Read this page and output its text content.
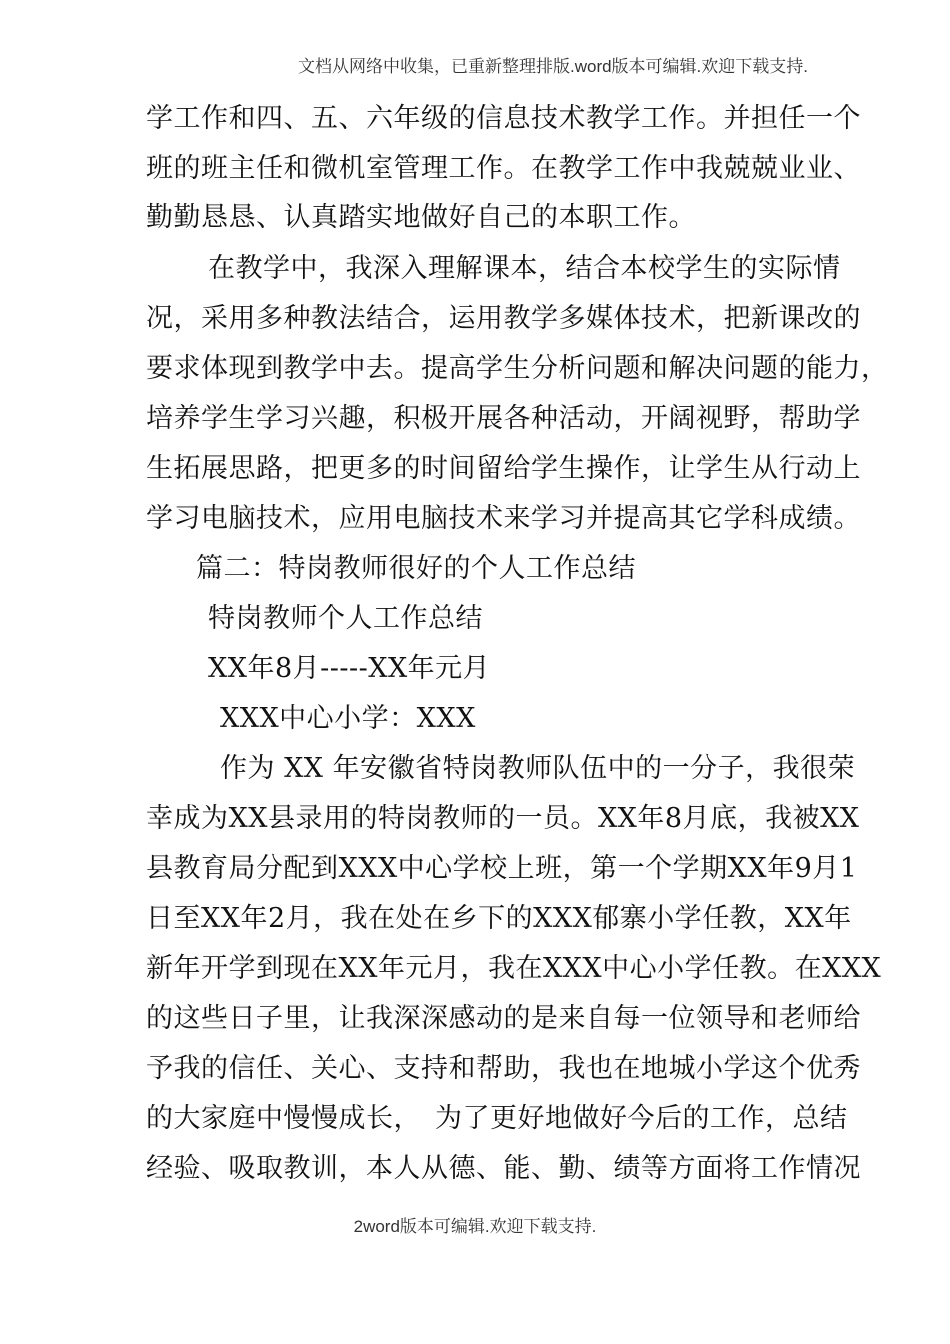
文档从网络中收集，已重新整理排版.word版本可编辑.欢迎下载支持.
学工作和四、五、六年级的信息技术教学工作。并担任一个
班的班主任和微机室管理工作。在教学工作中我兢兢业业、
勤勤恳恳、认真踏实地做好自己的本职工作。
在教学中，我深入理解课本，结合本校学生的实际情
况，采用多种教法结合，运用教学多媒体技术，把新课改的
要求体现到教学中去。提高学生分析问题和解决问题的能力，
培养学生学习兴趣，积极开展各种活动，开阔视野，帮助学
生拓展思路，把更多的时间留给学生操作，让学生从行动上
学习电脑技术，应用电脑技术来学习并提高其它学科成绩。
篇二：特岗教师很好的个人工作总结
特岗教师个人工作总结
XX年8月-----XX年元月
XXX中心小学：XXX
作为 XX 年安徽省特岗教师队伍中的一分子，我很荣
幸成为XX县录用的特岗教师的一员。XX年8月底，我被XX
县教育局分配到XXX中心学校上班，第一个学期XX年9月1
日至XX年2月，我在处在乡下的XXX郁寨小学任教，XX年
新年开学到现在XX年元月，我在XXX中心小学任教。在XXX
的这些日子里，让我深深感动的是来自每一位领导和老师给
予我的信任、关心、支持和帮助，我也在地城小学这个优秀
的大家庭中慢慢成长，　为了更好地做好今后的工作，总结
经验、吸取教训，本人从德、能、勤、绩等方面将工作情况
2word版本可编辑.欢迎下载支持.
